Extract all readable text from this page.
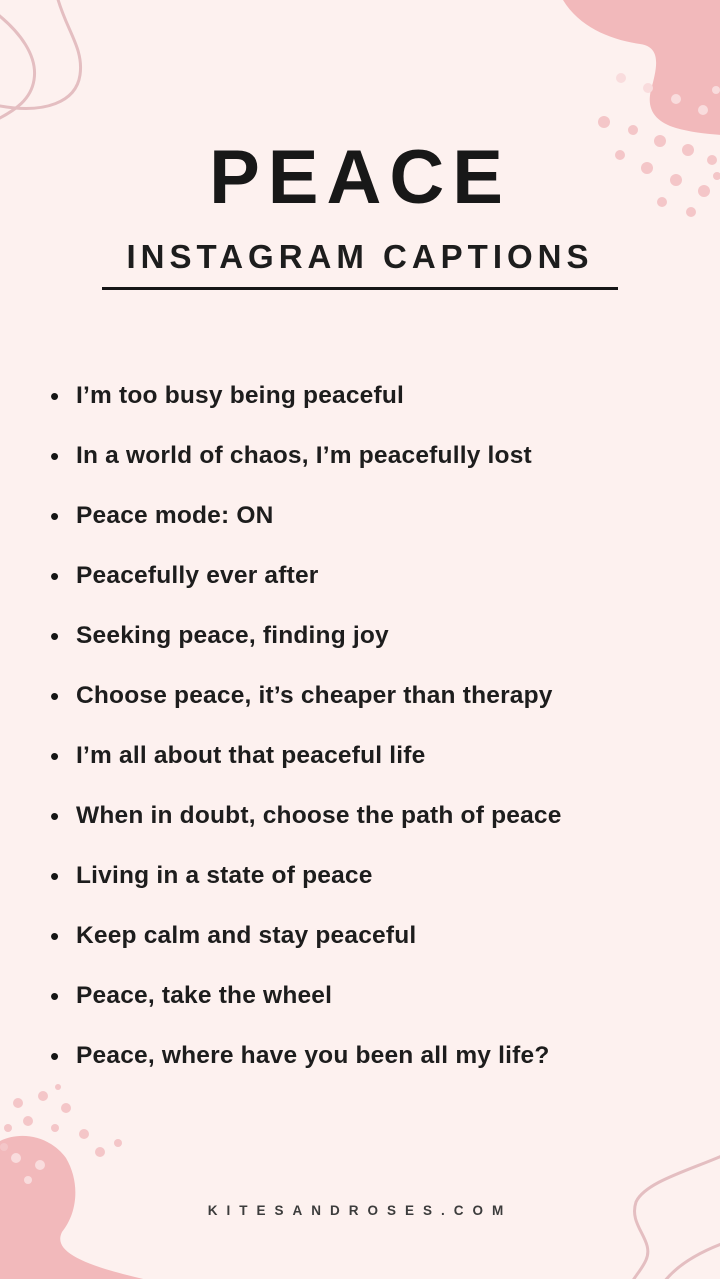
PEACE
INSTAGRAM CAPTIONS
• I’m too busy being peaceful
• In a world of chaos, I’m peacefully lost
• Peace mode: ON
• Peacefully ever after
• Seeking peace, finding joy
• Choose peace, it’s cheaper than therapy
• I’m all about that peaceful life
• When in doubt, choose the path of peace
• Living in a state of peace
• Keep calm and stay peaceful
• Peace, take the wheel
• Peace, where have you been all my life?
KITESANDROSES.COM
